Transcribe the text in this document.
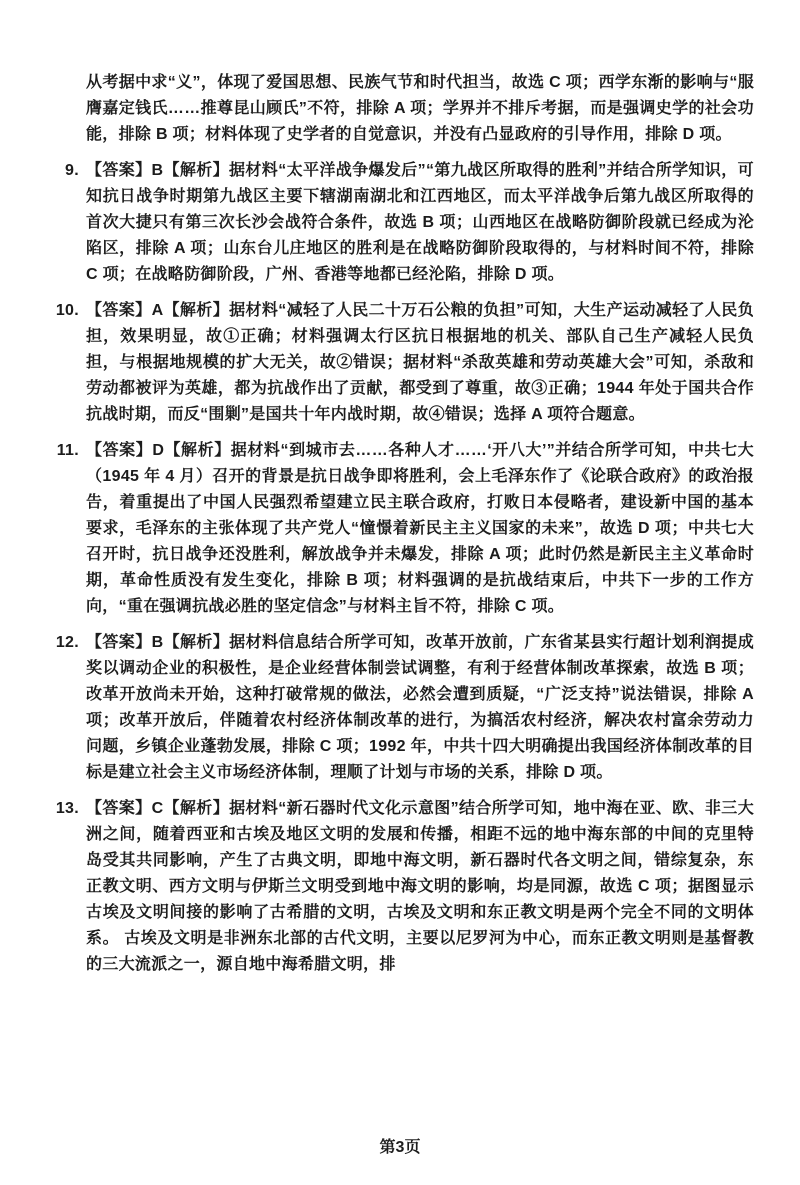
从考据中求“义”，体现了爱国思想、民族气节和时代担当，故选 C 项；西学东渐的影响与“服膺嘉定钱氏……推尊昆山顾氏”不符，排除 A 项；学界并不排斥考据，而是强调史学的社会功能，排除 B 项；材料体现了史学者的自觉意识，并没有凸显政府的引导作用，排除 D 项。
9. 【答案】B【解析】据材料“太平洋战争爆发后”“第九战区所取得的胜利”并结合所学知识，可知抗日战争时期第九战区主要下辖湖南湖北和江西地区，而太平洋战争后第九战区所取得的首次大捷只有第三次长沙会战符合条件，故选 B 项；山西地区在战略防御阶段就已经成为沦陷区，排除 A 项；山东台儿庄地区的胜利是在战略防御阶段取得的，与材料时间不符，排除 C 项；在战略防御阶段，广州、香港等地都已经沦陷，排除 D 项。
10. 【答案】A【解析】据材料“减轻了人民二十万石公粮的负担”可知，大生产运动减轻了人民负担，效果明显，故①正确；材料强调太行区抗日根据地的机关、部队自己生产减轻人民负担，与根据地规模的扩大无关，故②错误；据材料“杀敌英雄和劳动英雄大会”可知，杀敌和劳动都被评为英雄，都为抗战作出了贡献，都受到了尊重，故③正确；1944 年处于国共合作抗战时期，而反“围剿”是国共十年内战时期，故④错误；选择 A 项符合题意。
11. 【答案】D【解析】据材料“到城市去……各种人才……‘开八大’”并结合所学可知，中共七大（1945 年 4 月）召开的背景是抗日战争即将胜利，会上毛泽东作了《论联合政府》的政治报告，着重提出了中国人民强烈希望建立民主联合政府，打败日本侵略者，建设新中国的基本要求，毛泽东的主张体现了共产党人“憧憬着新民主主义国家的未来”，故选 D 项；中共七大召开时，抗日战争还没胜利，解放战争并未爆发，排除 A 项；此时仍然是新民主主义革命时期，革命性质没有发生变化，排除 B 项；材料强调的是抗战结束后，中共下一步的工作方向，“重在强调抗战必胜的坚定信念”与材料主旨不符，排除 C 项。
12. 【答案】B【解析】据材料信息结合所学可知，改革开放前，广东省某县实行超计划利润提成奖以调动企业的积极性，是企业经营体制尝试调整，有利于经营体制改革探索，故选 B 项；改革开放尚未开始，这种打破常规的做法，必然会遭到质疑，“广泛支持”说法错误，排除 A 项；改革开放后，伴随着农村经济体制改革的进行，为搞活农村经济，解决农村富余劳动力问题，乡镇企业蓬勃发展，排除 C 项；1992 年，中共十四大明确提出我国经济体制改革的目标是建立社会主义市场经济体制，理顺了计划与市场的关系，排除 D 项。
13. 【答案】C【解析】据材料“新石器时代文化示意图”结合所学可知，地中海在亚、欧、非三大洲之间，随着西亚和古埃及地区文明的发展和传播，相距不远的地中海东部的中间的克里特岛受其共同影响，产生了古典文明，即地中海文明，新石器时代各文明之间，错综复杂，东正教文明、西方文明与伊斯兰文明受到地中海文明的影响，均是同源，故选 C 项；据图显示古埃及文明间接的影响了古希腊的文明，古埃及文明和东正教文明是两个完全不同的文明体系。 古埃及文明是非洲东北部的古代文明，主要以尼罗河为中心，而东正教文明则是基督教的三大流派之一，源自地中海希腊文明，排
第3页
